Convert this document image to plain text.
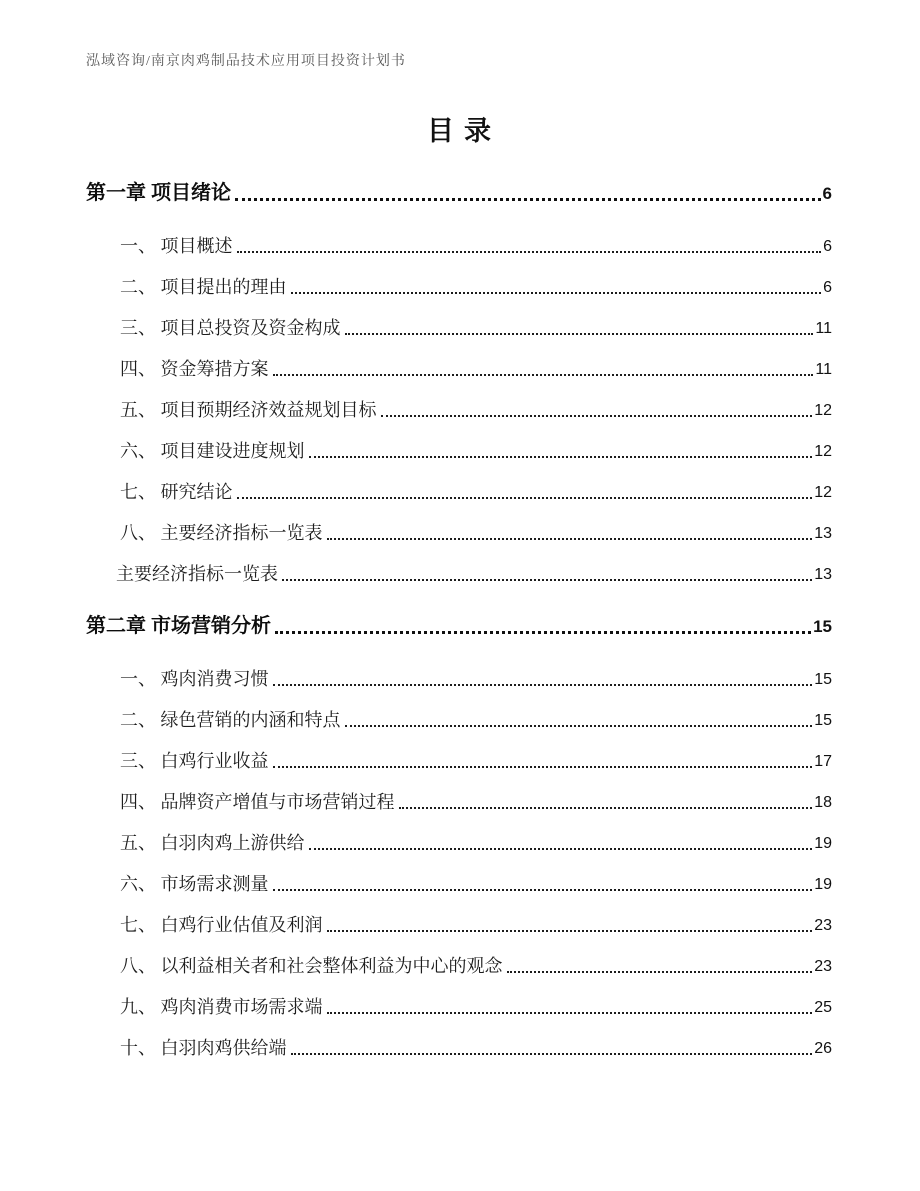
泓域咨询/南京肉鸡制品技术应用项目投资计划书
目录
第一章 项目绪论	6
一、 项目概述	6
二、 项目提出的理由	6
三、 项目总投资及资金构成	11
四、 资金筹措方案	11
五、 项目预期经济效益规划目标	12
六、 项目建设进度规划	12
七、 研究结论	12
八、 主要经济指标一览表	13
主要经济指标一览表	13
第二章 市场营销分析	15
一、 鸡肉消费习惯	15
二、 绿色营销的内涵和特点	15
三、 白鸡行业收益	17
四、 品牌资产增值与市场营销过程	18
五、 白羽肉鸡上游供给	19
六、 市场需求测量	19
七、 白鸡行业估值及利润	23
八、 以利益相关者和社会整体利益为中心的观念	23
九、 鸡肉消费市场需求端	25
十、 白羽肉鸡供给端	26
